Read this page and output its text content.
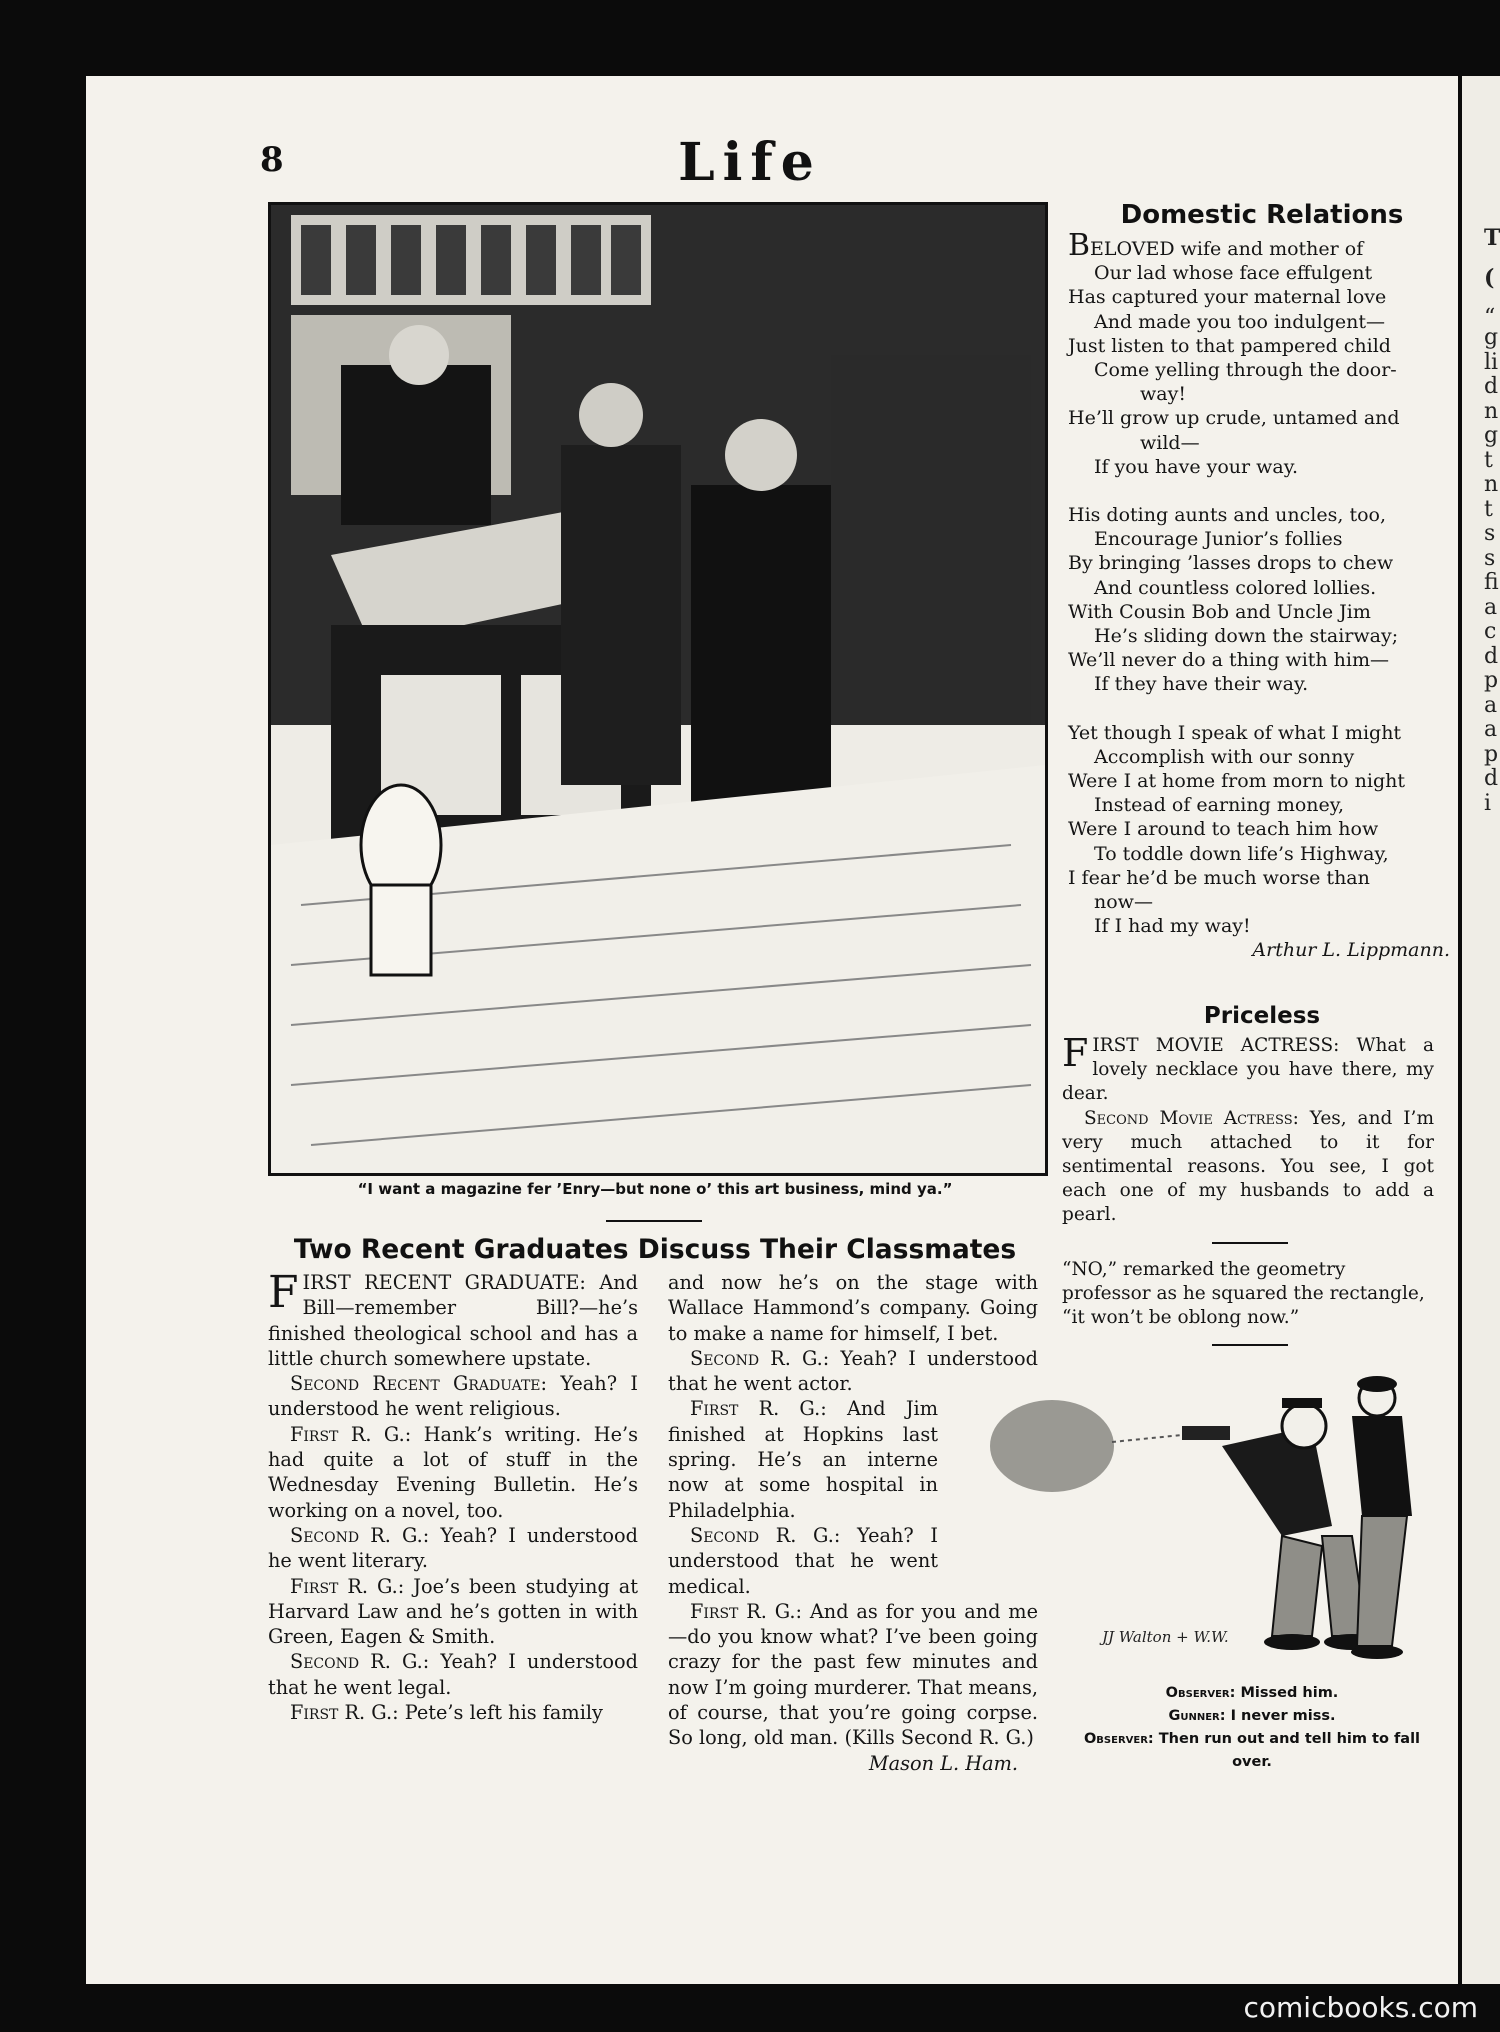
T
(
“
g
li
d
n
g
t
n
t
s
s
fi
a
c
d
p
a
a
p
d
i
8	Life
“I want a magazine fer ’Enry—but none o’ this art business, mind ya.”
Two Recent Graduates Discuss Their Classmates

FIRST RECENT GRADUATE: And Bill—remember Bill?—he’s finished theological school and has a little church somewhere upstate.

Second Recent Graduate: Yeah? I understood he went religious.

First R. G.: Hank’s writing. He’s had quite a lot of stuff in the Wednesday Evening Bulletin. He’s working on a novel, too.

Second R. G.: Yeah? I understood he went literary.

First R. G.: Joe’s been studying at Harvard Law and he’s gotten in with Green, Eagen & Smith.

Second R. G.: Yeah? I understood that he went legal.

First R. G.: Pete’s left his family

and now he’s on the stage with Wallace Hammond’s company. Going to make a name for himself, I bet.

Second R. G.: Yeah? I understood that he went actor.

First R. G.: And Jim finished at Hopkins last spring. He’s an interne now at some hospital in Philadelphia.

Second R. G.: Yeah? I understood that he went medical.

First R. G.: And as for you and me—do you know what? I’ve been going crazy for the past few minutes and now I’m going murderer. That means, of course, that you’re going corpse. So long, old man. (Kills Second R. G.)

Mason L. Ham.

Domestic Relations
BELOVED wife and mother of
Our lad whose face effulgent
Has captured your maternal love
And made you too indulgent—
Just listen to that pampered child
Come yelling through the door-
way!
He’ll grow up crude, untamed and
wild—
If you have your way.
His doting aunts and uncles, too,
Encourage Junior’s follies
By bringing ’lasses drops to chew
And countless colored lollies.
With Cousin Bob and Uncle Jim
He’s sliding down the stairway;
We’ll never do a thing with him—
If they have their way.
Yet though I speak of what I might
Accomplish with our sonny
Were I at home from morn to night
Instead of earning money,
Were I around to teach him how
To toddle down life’s Highway,
I fear he’d be much worse than
now—
If I had my way!
Arthur L. Lippmann.
Priceless

FIRST MOVIE ACTRESS: What a lovely necklace you have there, my dear.

Second Movie Actress: Yes, and I’m very much attached to it for sentimental reasons. You see, I got each one of my husbands to add a pearl.

“NO,” remarked the geometry professor as he squared the rectangle, “it won’t be oblong now.”
JJ Walton + W.W.
Observer: Missed him.
Gunner: I never miss.
Observer: Then run out and tell him to fall over.
comicbooks.com
